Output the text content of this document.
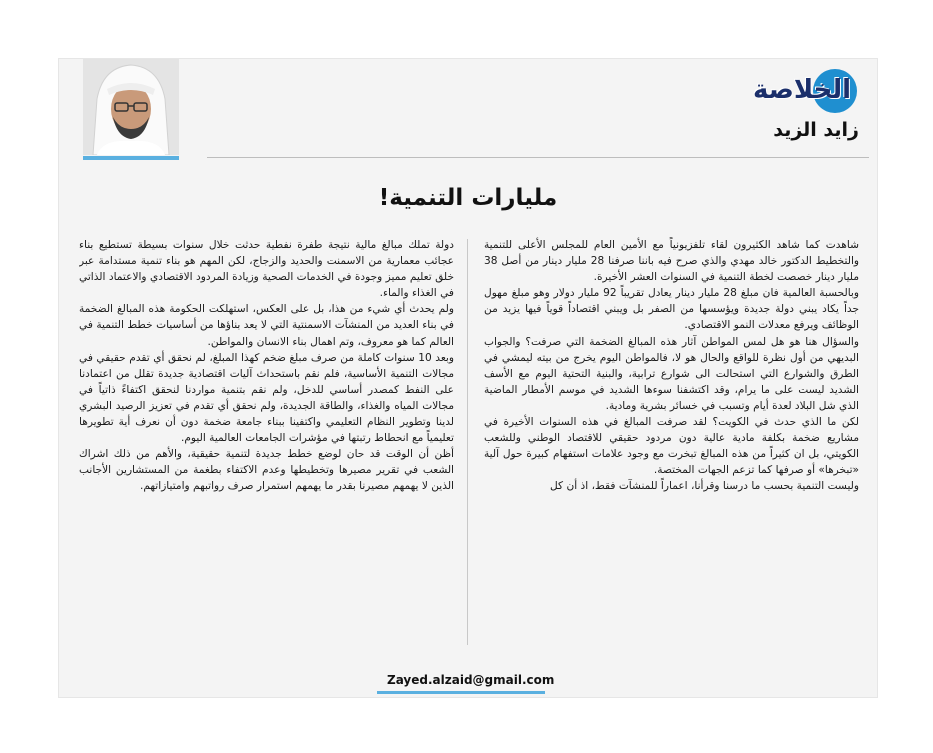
الخلاصة
زايد الزيد
مليارات التنمية!

شاهدت كما شاهد الكثيرون لقاء تلفزيونياً مع الأمين العام للمجلس الأعلى للتنمية والتخطيط الدكتور خالد مهدي والذي صرح فيه باننا صرفنا 28 مليار دينار من أصل 38 مليار دينار خصصت لخطة التنمية في السنوات العشر الأخيرة.

وبالحسبة العالمية فان مبلغ 28 مليار دينار يعادل تقريباً 92 مليار دولار وهو مبلغ مهول جداً يكاد يبني دولة جديدة ويؤسسها من الصفر بل ويبني اقتصاداً قوياً فيها يزيد من الوظائف ويرفع معدلات النمو الاقتصادي.

والسؤال هنا هو هل لمس المواطن آثار هذه المبالغ الضخمة التي صرفت؟ والجواب البديهي من أول نظرة للواقع والحال هو لا، فالمواطن اليوم يخرج من بيته ليمشي في الطرق والشوارع التي استحالت الى شوارع ترابية، والبنية التحتية اليوم مع الأسف الشديد ليست على ما يرام، وقد اكتشفنا سوءها الشديد في موسم الأمطار الماضية الذي شل البلاد لعدة أيام وتسبب في خسائر بشرية ومادية.

لكن ما الذي حدث في الكويت؟ لقد صرفت المبالغ في هذه السنوات الأخيرة في مشاريع ضخمة بكلفة مادية عالية دون مردود حقيقي للاقتصاد الوطني وللشعب الكويتي، بل ان كثيراً من هذه المبالغ تبخرت مع وجود علامات استفهام كبيرة حول آلية «تبخرها» أو صرفها كما تزعم الجهات المختصة.

وليست التنمية بحسب ما درسنا وقرأنا، اعماراً للمنشآت فقط، اذ أن كل

دولة تملك مبالغ مالية نتيجة طفرة نفطية حدثت خلال سنوات بسيطة تستطيع بناء عجائب معمارية من الاسمنت والحديد والزجاج، لكن المهم هو بناء تنمية مستدامة عبر خلق تعليم مميز وجودة في الخدمات الصحية وزيادة المردود الاقتصادي والاعتماد الذاتي في الغذاء والماء.

ولم يحدث أي شيء من هذا، بل على العكس، استهلكت الحكومة هذه المبالغ الضخمة في بناء العديد من المنشآت الاسمنتية التي لا يعد بناؤها من أساسيات خطط التنمية في العالم كما هو معروف، وتم اهمال بناء الانسان والمواطن.

وبعد 10 سنوات كاملة من صرف مبلغ ضخم كهذا المبلغ، لم نحقق أي تقدم حقيقي في مجالات التنمية الأساسية، فلم نقم باستحداث آليات اقتصادية جديدة تقلل من اعتمادنا على النفط كمصدر أساسي للدخل، ولم نقم بتنمية مواردنا لنحقق اكتفاءً ذاتياً في مجالات المياه والغذاء، والطاقة الجديدة، ولم نحقق أي تقدم في تعزيز الرصيد البشري لدينا وتطوير النظام التعليمي واكتفينا ببناء جامعة ضخمة دون أن نعرف أية تطويرها تعليمياً مع انحطاط رتبتها في مؤشرات الجامعات العالمية اليوم.

أظن أن الوقت قد حان لوضع خطط جديدة لتنمية حقيقية، والأهم من ذلك اشراك الشعب في تقرير مصيرها وتخطيطها وعدم الاكتفاء بطغمة من المستشارين الأجانب الذين لا يهمهم مصيرنا بقدر ما يهمهم استمرار صرف رواتبهم وامتيازاتهم.

Zayed.alzaid@gmail.com
